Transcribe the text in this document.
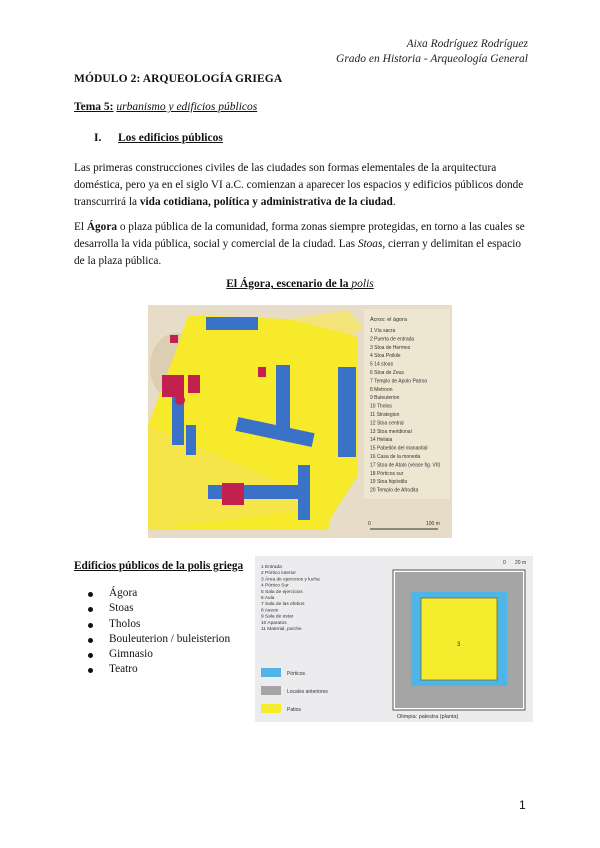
Aixa Rodríguez Rodríguez
Grado en Historia - Arqueología General
MÓDULO 2: ARQUEOLOGÍA GRIEGA
Tema 5: urbanismo y edificios públicos
I. Los edificios públicos
Las primeras construcciones civiles de las ciudades son formas elementales de la arquitectura doméstica, pero ya en el siglo VI a.C. comienzan a aparecer los espacios y edificios públicos donde transcurrirá la vida cotidiana, política y administrativa de la ciudad.
El Ágora o plaza pública de la comunidad, forma zonas siempre protegidas, en torno a las cuales se desarrolla la vida pública, social y comercial de la ciudad. Las Stoas, cierran y delimitan el espacio de la plaza pública.
El Ágora, escenario de la polis
Ácros: el ágora
1 Vía sacra
2 Puerta de entrada
3 Stoa de Hermes
4 Stoa Poikile
5 14 stoas
6 Stoa de Zeus
7 Templo de Apolo Patroo
8 Metroon
9 Buleuterion
10 Tholos
11 Strategion
12 Stoa central
13 Stoa meridional
14 Heliaia
15 Pabellón del manantial
16 Casa de la moneda
17 Stoa de Atalo (véase fig. VII)
18 Pórticos sur
19 Stoa hipóstila
20 Templo de Afrodita
0	100 m
Edificios públicos de la polis griega
Ágora
Stoas
Tholos
Bouleuterion / buleisterion
Gimnasio
Teatro
1 Entrada
2 Pórtico interior
3 Área de ejercicios y lucha
4 Pórtico Sur
5 Sala de ejercicios
6 Aula
7 Sala de las efebos
8 Aseos
9 Sala de estar
10 Aparatos
11 Material, porche
Pórticos
Locales anteriores
Patios
3
0 20 m
Olimpia: palestra (planta)
1
